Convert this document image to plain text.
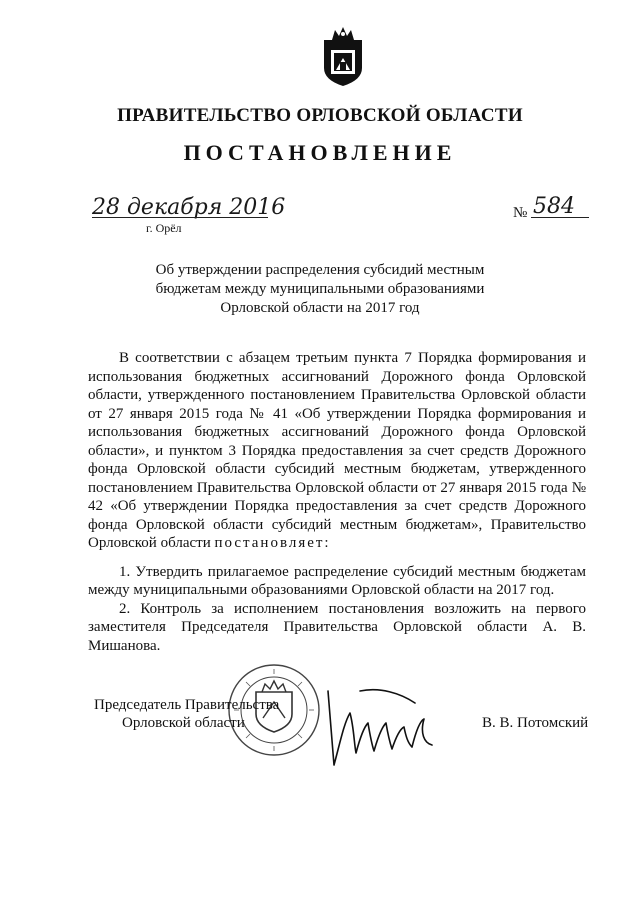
ПРАВИТЕЛЬСТВО ОРЛОВСКОЙ ОБЛАСТИ
ПОСТАНОВЛЕНИЕ
28 декабря 2016
г. Орёл
№ 584
Об утверждении распределения субсидий местным
бюджетам между муниципальными образованиями
Орловской области на 2017 год

В соответствии с абзацем третьим пункта 7 Порядка формирования и использования бюджетных ассигнований Дорожного фонда Орловской области, утвержденного постановлением Правительства Орловской области от 27 января 2015 года № 41 «Об утверждении Порядка формирования и использования бюджетных ассигнований Дорожного фонда Орловской области», и пунктом 3 Порядка предоставления за счет средств Дорожного фонда Орловской области субсидий местным бюджетам, утвержденного постановлением Правительства Орловской области от 27 января 2015 года № 42 «Об утверждении Порядка предоставления за счет средств Дорожного фонда Орловской области субсидий местным бюджетам», Правительство Орловской области постановляет:

1. Утвердить прилагаемое распределение субсидий местным бюджетам между муниципальными образованиями Орловской области на 2017 год.

2. Контроль за исполнением постановления возложить на первого заместителя Председателя Правительства Орловской области А. В. Мишанова.

Председатель Правительства
Орловской области	В. В. Потомский
